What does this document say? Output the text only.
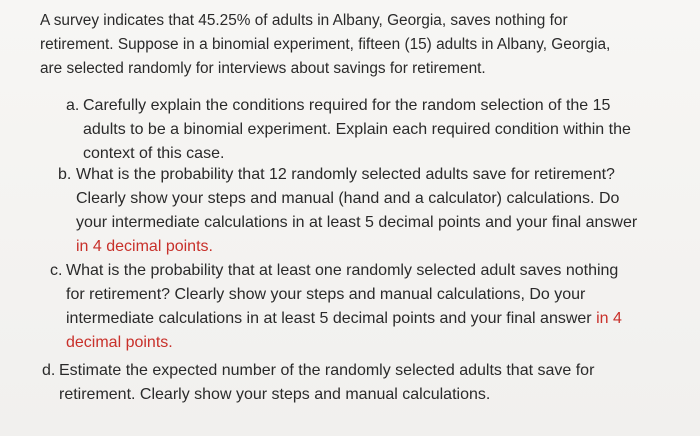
A survey indicates that 45.25% of adults in Albany, Georgia, saves nothing for
retirement. Suppose in a binomial experiment, fifteen (15) adults in Albany, Georgia,
are selected randomly for interviews about savings for retirement.
a. Carefully explain the conditions required for the random selection of the 15
adults to be a binomial experiment. Explain each required condition within the
context of this case.
b. What is the probability that 12 randomly selected adults save for retirement?
Clearly show your steps and manual (hand and a calculator) calculations. Do
your intermediate calculations in at least 5 decimal points and your final answer
in 4 decimal points.
c. What is the probability that at least one randomly selected adult saves nothing
for retirement? Clearly show your steps and manual calculations, Do your
intermediate calculations in at least 5 decimal points and your final answer in 4
decimal points.
d. Estimate the expected number of the randomly selected adults that save for
retirement. Clearly show your steps and manual calculations.
